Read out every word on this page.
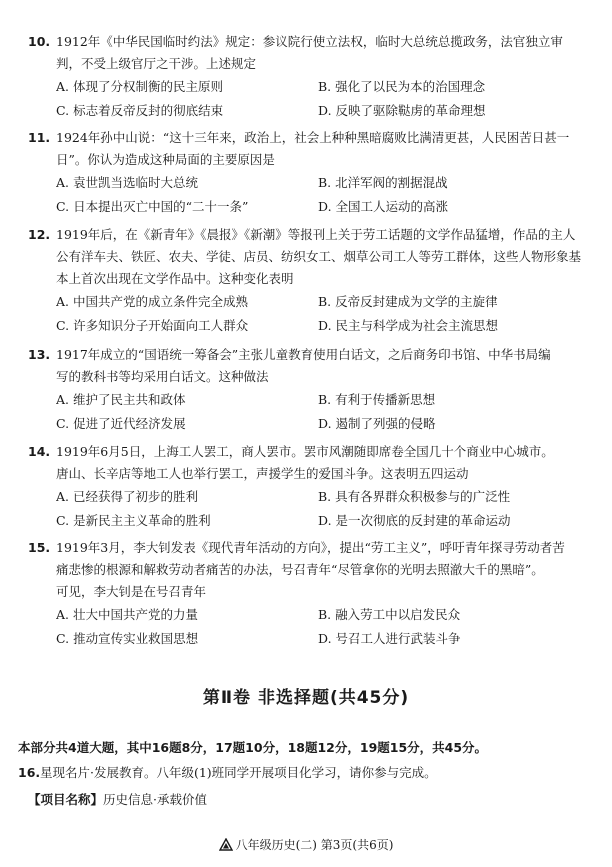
10. 1912年《中华民国临时约法》规定：参议院行使立法权，临时大总统总揽政务，法官独立审
判，不受上级官厅之干涉。上述规定
A. 体现了分权制衡的民主原则	B. 强化了以民为本的治国理念
C. 标志着反帝反封的彻底结束	D. 反映了驱除鞑虏的革命理想
11. 1924年孙中山说：“这十三年来，政治上，社会上种种黑暗腐败比满清更甚，人民困苦日甚一
日”。你认为造成这种局面的主要原因是
A. 袁世凯当选临时大总统	B. 北洋军阀的割据混战
C. 日本提出灭亡中国的“二十一条”	D. 全国工人运动的高涨
12. 1919年后，在《新青年》《晨报》《新潮》等报刊上关于劳工话题的文学作品猛增，作品的主人
公有洋车夫、铁匠、农夫、学徒、店员、纺织女工、烟草公司工人等劳工群体，这些人物形象基
本上首次出现在文学作品中。这种变化表明
A. 中国共产党的成立条件完全成熟	B. 反帝反封建成为文学的主旋律
C. 许多知识分子开始面向工人群众	D. 民主与科学成为社会主流思想
13. 1917年成立的“国语统一筹备会”主张儿童教育使用白话文，之后商务印书馆、中华书局编
写的教科书等均采用白话文。这种做法
A. 维护了民主共和政体	B. 有利于传播新思想
C. 促进了近代经济发展	D. 遏制了列强的侵略
14. 1919年6月5日，上海工人罢工，商人罢市。罢市风潮随即席卷全国几十个商业中心城市。
唐山、长辛店等地工人也举行罢工，声援学生的爱国斗争。这表明五四运动
A. 已经获得了初步的胜利	B. 具有各界群众积极参与的广泛性
C. 是新民主主义革命的胜利	D. 是一次彻底的反封建的革命运动
15. 1919年3月，李大钊发表《现代青年活动的方向》，提出“劳工主义”，呼吁青年探寻劳动者苦
痛悲惨的根源和解救劳动者痛苦的办法，号召青年“尽管拿你的光明去照澈大千的黑暗”。
可见，李大钊是在号召青年
A. 壮大中国共产党的力量	B. 融入劳工中以启发民众
C. 推动宣传实业救国思想	D. 号召工人进行武装斗争
第Ⅱ卷 非选择题(共45分)
本部分共4道大题，其中16题8分，17题10分，18题12分，19题15分，共45分。
16.星现名片·发展教育。八年级(1)班同学开展项目化学习，请你参与完成。
【项目名称】历史信息·承载价值
八年级历史(二) 第3页(共6页)
